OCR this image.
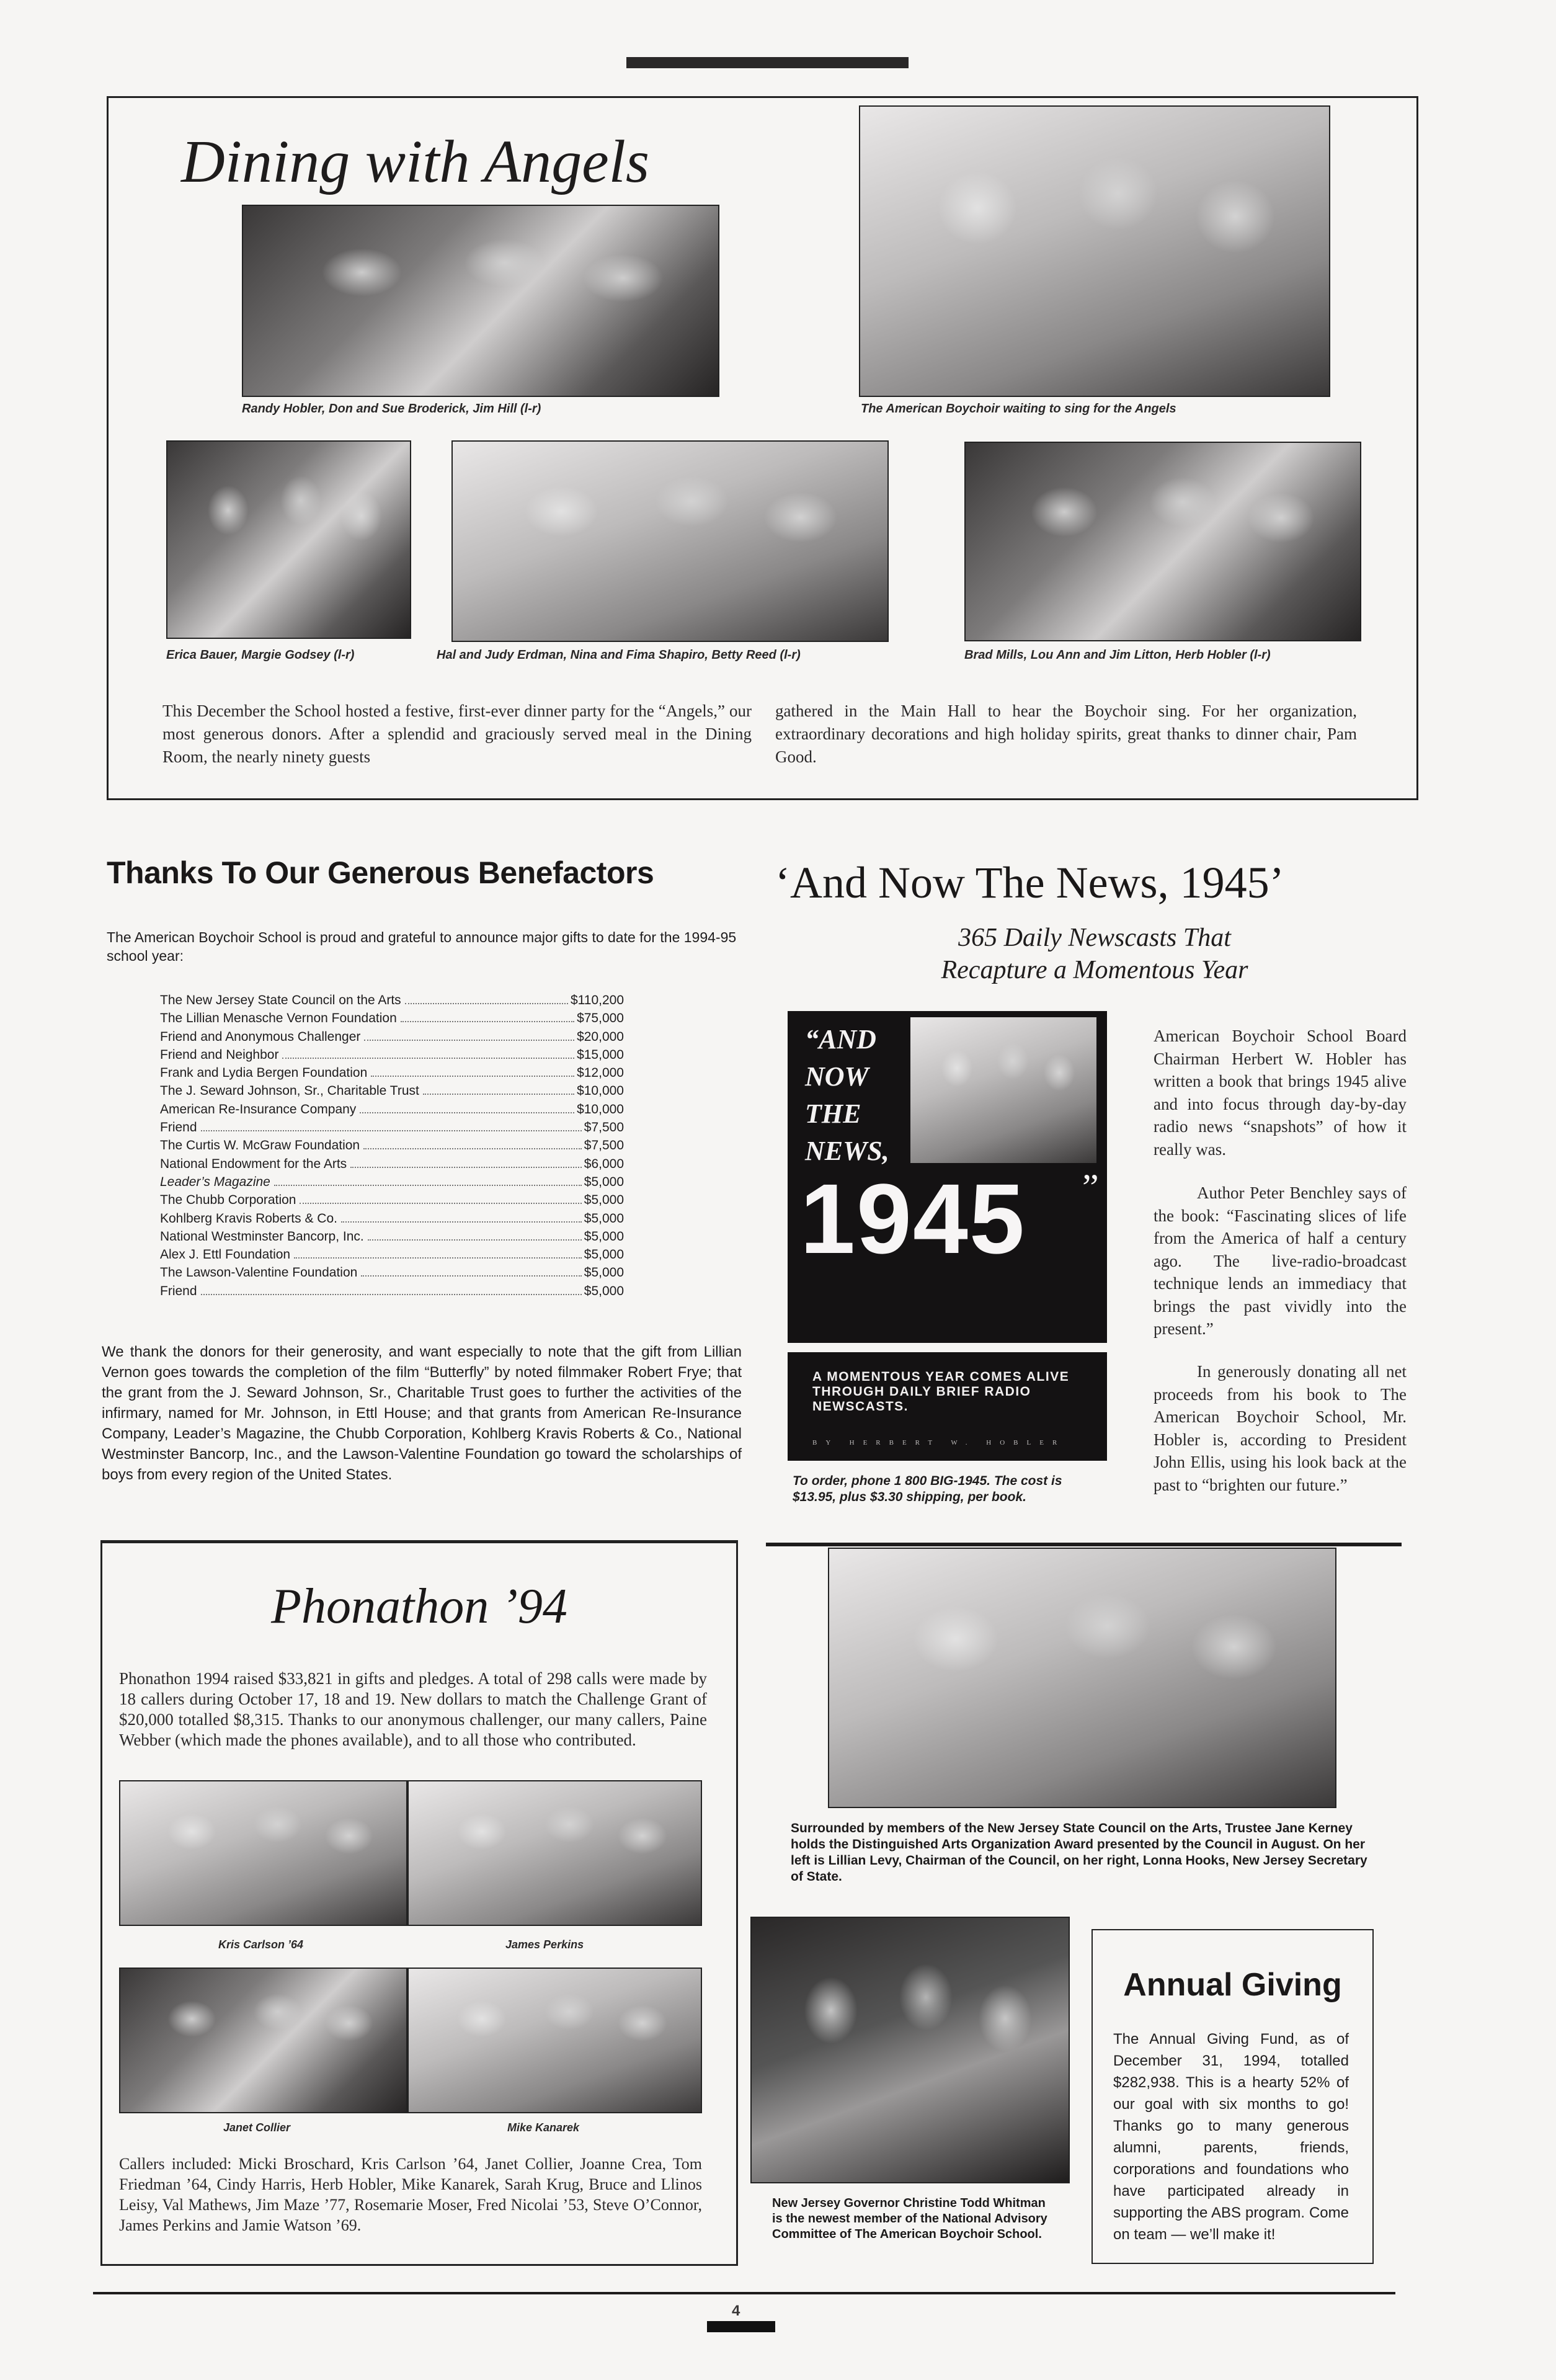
Dining with Angels
Randy Hobler, Don and Sue Broderick, Jim Hill (l-r)	The American Boychoir waiting to sing for the Angels
Erica Bauer, Margie Godsey (l-r)	Hal and Judy Erdman, Nina and Fima Shapiro, Betty Reed (l-r)	Brad Mills, Lou Ann and Jim Litton, Herb Hobler (l-r)
This December the School hosted a festive, first-ever dinner party for the “Angels,” our most generous donors. After a splendid and graciously served meal in the Dining Room, the nearly ninety guests
gathered in the Main Hall to hear the Boychoir sing. For her organization, extraordinary decorations and high holiday spirits, great thanks to dinner chair, Pam Good.
Thanks To Our Generous Benefactors
The American Boychoir School is proud and grateful to announce major gifts to date for the 1994-95 school year:
The New Jersey State Council on the Arts	$110,200
The Lillian Menasche Vernon Foundation	$75,000
Friend and Anonymous Challenger	$20,000
Friend and Neighbor	$15,000
Frank and Lydia Bergen Foundation	$12,000
The J. Seward Johnson, Sr., Charitable Trust	$10,000
American Re-Insurance Company	$10,000
Friend	$7,500
The Curtis W. McGraw Foundation	$7,500
National Endowment for the Arts	$6,000
Leader’s Magazine	$5,000
The Chubb Corporation	$5,000
Kohlberg Kravis Roberts & Co.	$5,000
National Westminster Bancorp, Inc.	$5,000
Alex J. Ettl Foundation	$5,000
The Lawson-Valentine Foundation	$5,000
Friend	$5,000
We thank the donors for their generosity, and want especially to note that the gift from Lillian Vernon goes towards the completion of the film “Butterfly” by noted filmmaker Robert Frye; that the grant from the J. Seward Johnson, Sr., Charitable Trust goes to further the activities of the infirmary, named for Mr. Johnson, in Ettl House; and that grants from American Re-Insurance Company, Leader’s Magazine, the Chubb Corporation, Kohlberg Kravis Roberts & Co., National Westminster Bancorp, Inc., and the Lawson-Valentine Foundation go toward the scholarships of boys from every region of the United States.
‘And Now The News, 1945’
365 Daily Newscasts That
Recapture a Momentous Year
“AND
NOW
THE
NEWS,
1945 ”
A MOMENTOUS YEAR COMES ALIVE THROUGH DAILY BRIEF RADIO NEWSCASTS.
BY HERBERT W. HOBLER
To order, phone 1 800 BIG-1945. The cost is $13.95, plus $3.30 shipping, per book.
American Boychoir School Board Chairman Herbert W. Hobler has written a book that brings 1945 alive and into focus through day-by-day radio news “snapshots” of how it really was.
Author Peter Benchley says of the book: “Fascinating slices of life from the America of half a century ago. The live-radio-broadcast technique lends an immediacy that brings the past vividly into the present.”
In generously donating all net proceeds from his book to The American Boychoir School, Mr. Hobler is, according to President John Ellis, using his look back at the past to “brighten our future.”
Phonathon ’94
Phonathon 1994 raised $33,821 in gifts and pledges. A total of 298 calls were made by 18 callers during October 17, 18 and 19. New dollars to match the Challenge Grant of $20,000 totalled $8,315. Thanks to our anonymous challenger, our many callers, Paine Webber (which made the phones available), and to all those who contributed.
Kris Carlson ’64	James Perkins
Janet Collier	Mike Kanarek
Callers included: Micki Broschard, Kris Carlson ’64, Janet Collier, Joanne Crea, Tom Friedman ’64, Cindy Harris, Herb Hobler, Mike Kanarek, Sarah Krug, Bruce and Llinos Leisy, Val Mathews, Jim Maze ’77, Rosemarie Moser, Fred Nicolai ’53, Steve O’Connor, James Perkins and Jamie Watson ’69.
Surrounded by members of the New Jersey State Council on the Arts, Trustee Jane Kerney holds the Distinguished Arts Organization Award presented by the Council in August. On her left is Lillian Levy, Chairman of the Council, on her right, Lonna Hooks, New Jersey Secretary of State.
New Jersey Governor Christine Todd Whitman is the newest member of the National Advisory Committee of The American Boychoir School.
Annual Giving
The Annual Giving Fund, as of December 31, 1994, totalled $282,938. This is a hearty 52% of our goal with six months to go! Thanks go to many generous alumni, parents, friends, corporations and foundations who have participated already in supporting the ABS program. Come on team — we’ll make it!
4
